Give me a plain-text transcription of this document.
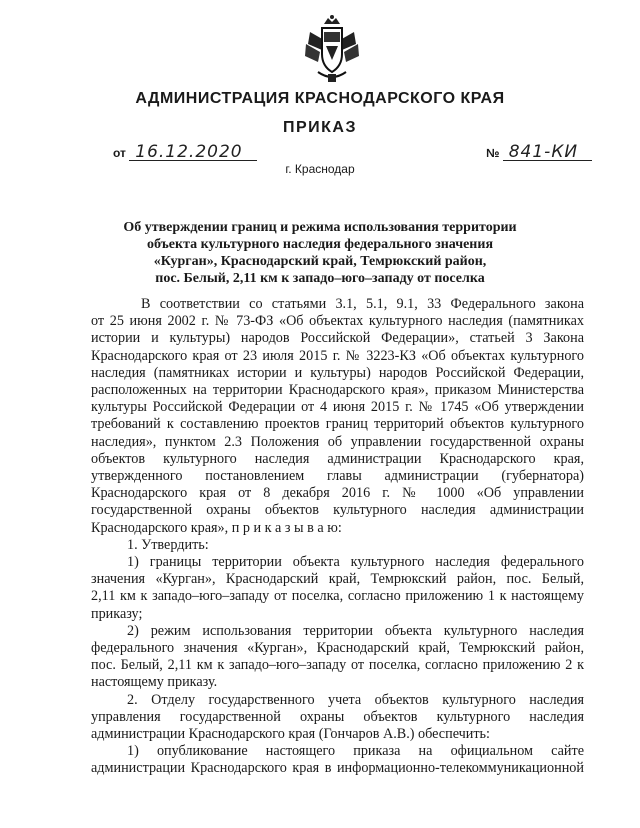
АДМИНИСТРАЦИЯ КРАСНОДАРСКОГО КРАЯ
ПРИКАЗ
от 16.12.2020	№ 841-КИ
г. Краснодар
Об утверждении границ и режима использования территории
объекта культурного наследия федерального значения
«Курган», Краснодарский край, Темрюкский район,
пос. Белый, 2,11 км к западо–юго–западу от поселка
В соответствии со статьями 3.1, 5.1, 9.1, 33 Федерального закона
от 25 июня 2002 г. № 73-ФЗ «Об объектах культурного наследия (памятниках
истории и культуры) народов Российской Федерации», статьей 3 Закона
Краснодарского края от 23 июля 2015 г. № 3223-КЗ «Об объектах культурного
наследия (памятниках истории и культуры) народов Российской Федерации,
расположенных на территории Краснодарского края», приказом Министерства
культуры Российской Федерации от 4 июня 2015 г. № 1745 «Об утверждении
требований к составлению проектов границ территорий объектов культурного
наследия», пунктом 2.3 Положения об управлении государственной охраны
объектов культурного наследия администрации Краснодарского края,
утвержденного постановлением главы администрации (губернатора)
Краснодарского края от 8 декабря 2016 г. № 1000 «Об управлении
государственной охраны объектов культурного наследия администрации
Краснодарского края», п р и к а з ы в а ю:
1. Утвердить:
1) границы территории объекта культурного наследия федерального
значения «Курган», Краснодарский край, Темрюкский район, пос. Белый,
2,11 км к западо–юго–западу от поселка, согласно приложению 1 к настоящему
приказу;
2) режим использования территории объекта культурного наследия
федерального значения «Курган», Краснодарский край, Темрюкский район,
пос. Белый, 2,11 км к западо–юго–западу от поселка, согласно приложению 2 к
настоящему приказу.
2. Отделу государственного учета объектов культурного наследия
управления государственной охраны объектов культурного наследия
администрации Краснодарского края (Гончаров А.В.) обеспечить:
1) опубликование настоящего приказа на официальном сайте
администрации Краснодарского края в информационно-телекоммуникационной
